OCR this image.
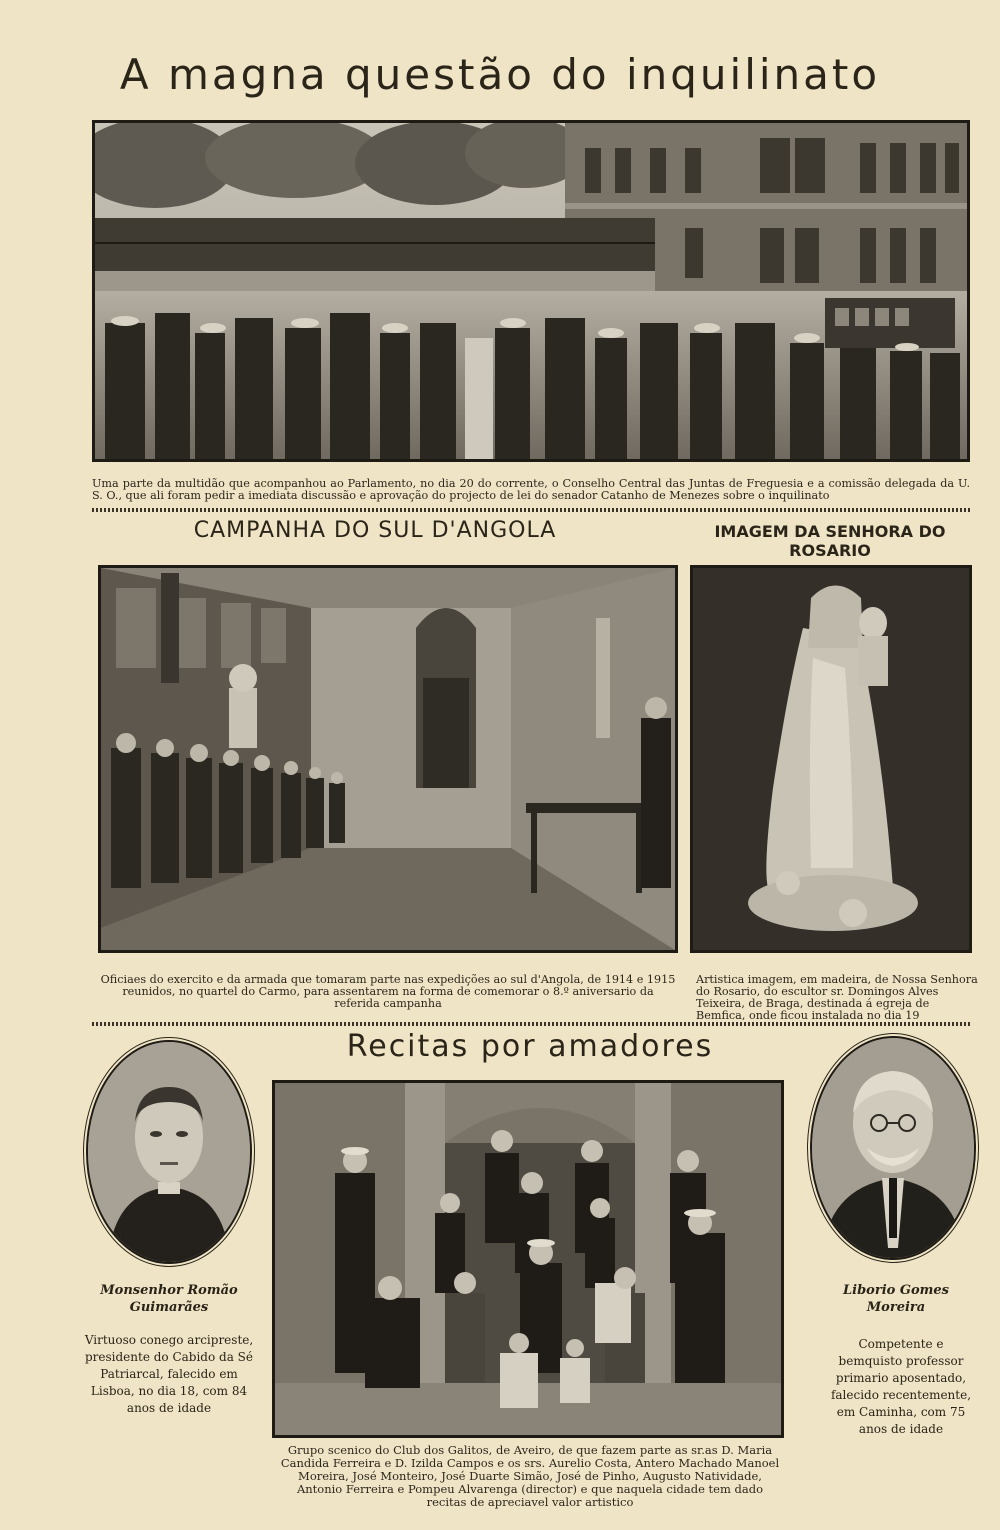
A magna questão do inquilinato
Uma parte da multidão que acompanhou ao Parlamento, no dia 20 do corrente, o Conselho Central das Juntas de Freguesia e a comissão delegada da U. S. O., que ali foram pedir a imediata discussão e aprovação do projecto de lei do senador Catanho de Menezes sobre o inquilinato
CAMPANHA DO SUL D'ANGOLA	IMAGEM DA SENHORA DO ROSARIO
Oficiaes do exercito e da armada que tomaram parte nas expedições ao sul d'Angola, de 1914 e 1915 reunidos, no quartel do Carmo, para assentarem na forma de comemorar o 8.º aniversario da referida campanha
Artistica imagem, em madeira, de Nossa Senhora do Rosario, do escultor sr. Domingos Alves Teixeira, de Braga, destinada á egreja de Bemfica, onde ficou instalada no dia 19
Recitas por amadores
Monsenhor Romão Guimarães
Virtuoso conego arcipreste, presidente do Cabido da Sé Patriarcal, falecido em Lisboa, no dia 18, com 84 anos de idade
Grupo scenico do Club dos Galitos, de Aveiro, de que fazem parte as sr.as D. Maria Candida Ferreira e D. Izilda Campos e os srs. Aurelio Costa, Antero Machado Manoel Moreira, José Monteiro, José Duarte Simão, José de Pinho, Augusto Natividade, Antonio Ferreira e Pompeu Alvarenga (director) e que naquela cidade tem dado recitas de apreciavel valor artistico
Liborio Gomes Moreira
Competente e bemquisto professor primario aposentado, falecido recentemente, em Caminha, com 75 anos de idade
